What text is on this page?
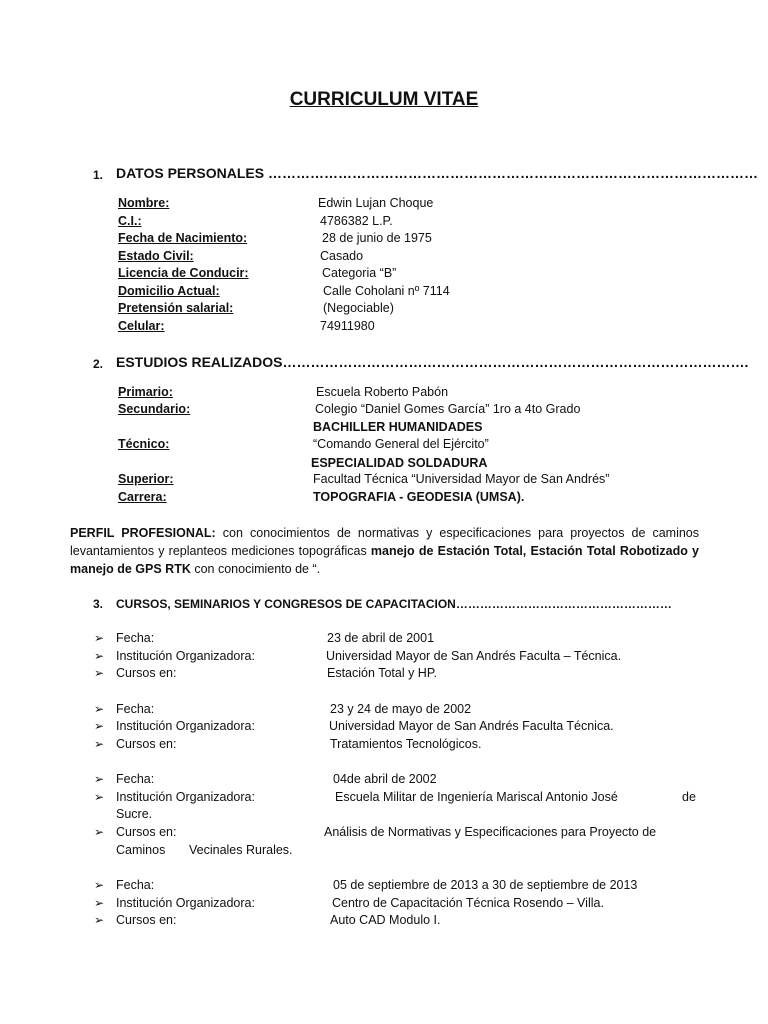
CURRICULUM VITAE
1. DATOS PERSONALES ……………………………………………………………………………………………
Nombre:	Edwin Lujan Choque
C.I.:	4786382 L.P.
Fecha de Nacimiento:	28 de junio de 1975
Estado Civil:	Casado
Licencia de Conducir:	Categoria “B”
Domicilio Actual:	Calle Coholani nº 7114
Pretensión salarial:	(Negociable)
Celular:	74911980
2. ESTUDIOS REALIZADOS……………………………………………………………………………………….
Primario:	Escuela Roberto Pabón
Secundario:	Colegio “Daniel Gomes García” 1ro a 4to Grado
BACHILLER HUMANIDADES
Técnico:	“Comando General del Ejército”
ESPECIALIDAD SOLDADURA
Superior:	Facultad Técnica “Universidad Mayor de San Andrés”
Carrera:	TOPOGRAFIA - GEODESIA (UMSA).
PERFIL PROFESIONAL: con conocimientos de normativas y especificaciones para proyectos de caminos levantamientos y replanteos mediciones topográficas manejo de Estación Total, Estación Total Robotizado y manejo de GPS RTK con conocimiento de “.
3. CURSOS, SEMINARIOS Y CONGRESOS DE CAPACITACION………………………………………………
➢ Fecha:	23 de abril de 2001
➢ Institución Organizadora:	Universidad Mayor de San Andrés Faculta – Técnica.
➢ Cursos en:	Estación Total y HP.
➢ Fecha:	23 y 24 de mayo de 2002
➢ Institución Organizadora:	Universidad Mayor de San Andrés Faculta Técnica.
➢ Cursos en:	Tratamientos Tecnológicos.
➢ Fecha:	04de abril de 2002
➢ Institución Organizadora:	Escuela Militar de Ingeniería Mariscal Antonio José	de
Sucre.
➢ Cursos en:	Análisis de Normativas y Especificaciones para Proyecto de
Caminos Vecinales Rurales.
➢ Fecha:	05 de septiembre de 2013 a 30 de septiembre de 2013
➢ Institución Organizadora:	Centro de Capacitación Técnica Rosendo – Villa.
➢ Cursos en:	Auto CAD Modulo I.
